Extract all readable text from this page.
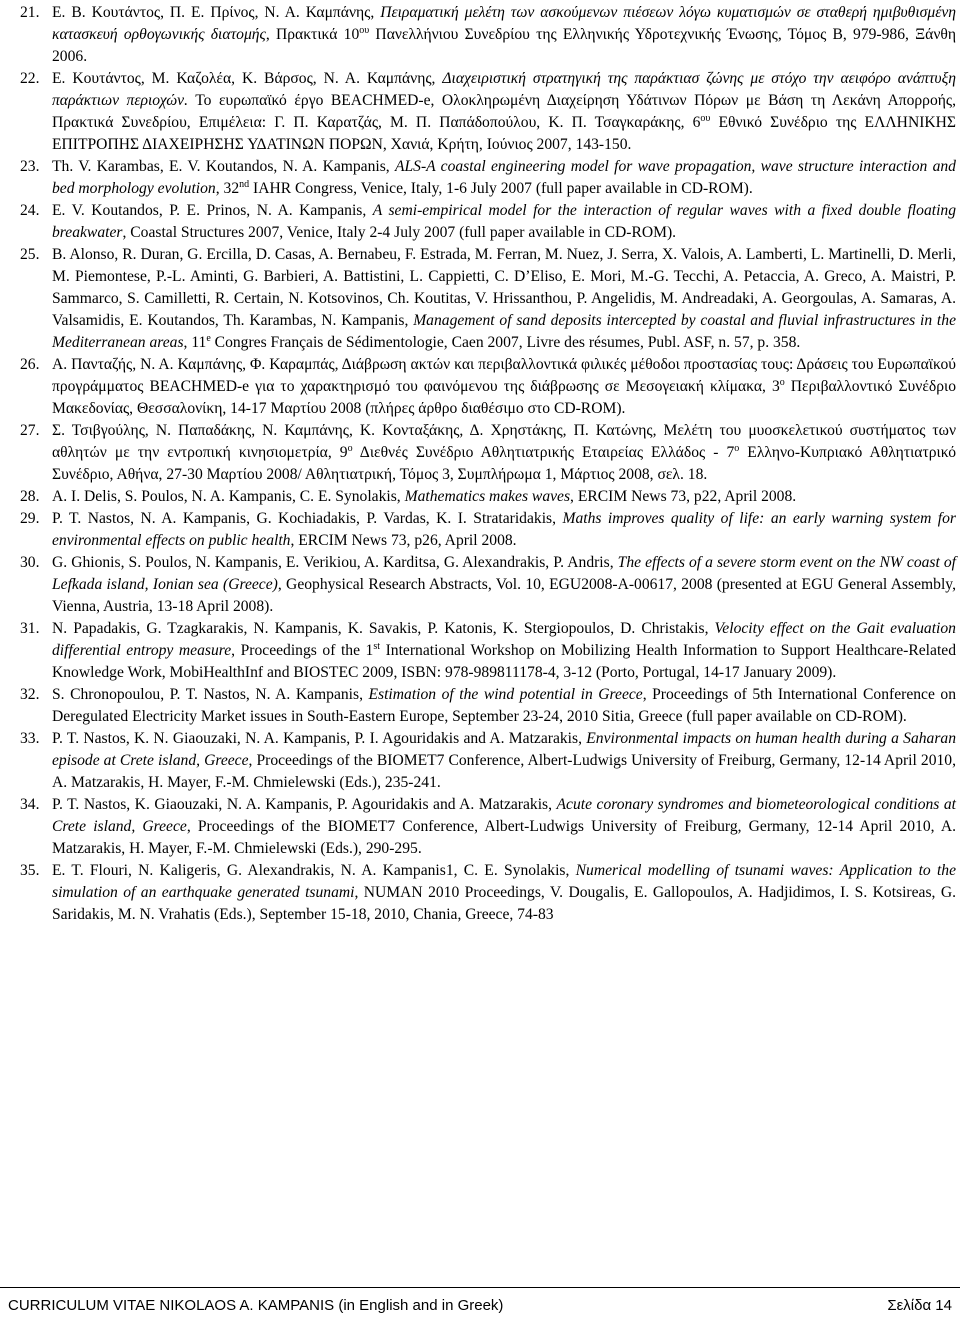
21. Ε. Β. Κουτάντος, Π. Ε. Πρίνος, Ν. Α. Καμπάνης, Πειραματική μελέτη των ασκούμενων πιέσεων λόγω κυματισμών σε σταθερή ημιβυθισμένη κατασκευή ορθογωνικής διατομής, Πρακτικά $10^{o\upsilon}$ Πανελλήνιου Συνεδρίου της Ελληνικής Υδροτεχνικής Ένωσης, Τόμος Β, 979-986, Ξάνθη 2006.
22. Ε. Κουτάντος, Μ. Καζολέα, Κ. Βάρσος, Ν. Α. Καμπάνης, Διαχειριστική στρατηγική της παράκτιασ ζώνης με στόχο την αειφόρο ανάπτυξη παράκτιων περιοχών. Το ευρωπαϊκό έργο BEACHMED-e, Ολοκληρωμένη Διαχείρηση Υδάτινων Πόρων με Βάση τη Λεκάνη Απορροής, Πρακτικά Συνεδρίου, Επιμέλεια: Γ. Π. Καρατζάς, Μ. Π. Παπάδοπούλου, Κ. Π. Τσαγκαράκης, $6^{o\upsilon}$ Εθνικό Συνέδριο της ΕΛΛΗΝΙΚΗΣ ΕΠΙΤΡΟΠΗΣ ΔΙΑΧΕΙΡΗΣΗΣ ΥΔΑΤΙΝΩΝ ΠΟΡΩΝ, Χανιά, Κρήτη, Ιούνιος 2007, 143-150.
23. Th. V. Karambas, E. V. Koutandos, N. A. Kampanis, ALS-A coastal engineering model for wave propagation, wave structure interaction and bed morphology evolution, 32nd IAHR Congress, Venice, Italy, 1-6 July 2007 (full paper available in CD-ROM).
24. E. V. Koutandos, P. E. Prinos, N. A. Kampanis, A semi-empirical model for the interaction of regular waves with a fixed double floating breakwater, Coastal Structures 2007, Venice, Italy 2-4 July 2007 (full paper available in CD-ROM).
25. B. Alonso, R. Duran, G. Ercilla, D. Casas, A. Bernabeu, F. Estrada, M. Ferran, M. Nuez, J. Serra, X. Valois, A. Lamberti, L. Martinelli, D. Merli, M. Piemontese, P.-L. Aminti, G. Barbieri, A. Battistini, L. Cappietti, C. D’Eliso, E. Mori, M.-G. Tecchi, A. Petaccia, A. Greco, A. Maistri, P. Sammarco, S. Camilletti, R. Certain, N. Kotsovinos, Ch. Koutitas, V. Hrissanthou, P. Angelidis, M. Andreadaki, A. Georgoulas, A. Samaras, A. Valsamidis, E. Koutandos, Th. Karambas, N. Kampanis, Management of sand deposits intercepted by coastal and fluvial infrastructures in the Mediterranean areas, 11e Congres Français de Sédimentologie, Caen 2007, Livre des résumes, Publ. ASF, n. 57, p. 358.
26. Α. Πανταζής, Ν. Α. Καμπάνης, Φ. Καραμπάς, Διάβρωση ακτών και περιβαλλοντικά φιλικές μέθοδοι προστασίας τους: Δράσεις του Ευρωπαϊκού προγράμματος BEACHMED-e για το χαρακτηρισμό του φαινόμενου της διάβρωσης σε Μεσογειακή κλίμακα, $3^o$ Περιβαλλοντικό Συνέδριο Μακεδονίας, Θεσσαλονίκη, 14-17 Μαρτίου 2008 (πλήρες άρθρο διαθέσιμο στο CD-ROM).
27. Σ. Τσιβγούλης, Ν. Παπαδάκης, Ν. Καμπάνης, Κ. Κονταξάκης, Δ. Χρηστάκης, Π. Κατώνης, Μελέτη του μυοσκελετικού συστήματος των αθλητών με την εντροπική κινησιομετρία, $9^o$ Διεθνές Συνέδριο Αθλητιατρικής Εταιρείας Ελλάδος - $7^o$ Ελληνο-Κυπριακό Αθλητιατρικό Συνέδριο, Αθήνα, 27-30 Μαρτίου 2008/ Αθλητιατρική, Τόμος 3, Συμπλήρωμα 1, Μάρτιος 2008, σελ. 18.
28. A. I. Delis, S. Poulos, N. A. Kampanis, C. E. Synolakis, Mathematics makes waves, ERCIM News 73, p22, April 2008.
29. P. T. Nastos, N. A. Kampanis, G. Kochiadakis, P. Vardas, K. I. Strataridakis, Maths improves quality of life: an early warning system for environmental effects on public health, ERCIM News 73, p26, April 2008.
30. G. Ghionis, S. Poulos, N. Kampanis, E. Verikiou, A. Karditsa, G. Alexandrakis, P. Andris, The effects of a severe storm event on the NW coast of Lefkada island, Ionian sea (Greece), Geophysical Research Abstracts, Vol. 10, EGU2008-A-00617, 2008 (presented at EGU General Assembly, Vienna, Austria, 13-18 April 2008).
31. N. Papadakis, G. Tzagkarakis, N. Kampanis, K. Savakis, P. Katonis, K. Stergiopoulos, D. Christakis, Velocity effect on the Gait evaluation differential entropy measure, Proceedings of the 1st International Workshop on Mobilizing Health Information to Support Healthcare-Related Knowledge Work, MobiHealthInf and BIOSTEC 2009, ISBN: 978-989811178-4, 3-12 (Porto, Portugal, 14-17 January 2009).
32. S. Chronopoulou, P. T. Nastos, N. A. Kampanis, Estimation of the wind potential in Greece, Proceedings of 5th International Conference on Deregulated Electricity Market issues in South-Eastern Europe, September 23-24, 2010 Sitia, Greece (full paper available on CD-ROM).
33. P. T. Nastos, K. N. Giaouzaki, N. A. Kampanis, P. I. Agouridakis and A. Matzarakis, Environmental impacts on human health during a Saharan episode at Crete island, Greece, Proceedings of the BIOMET7 Conference, Albert-Ludwigs University of Freiburg, Germany, 12-14 April 2010, A. Matzarakis, H. Mayer, F.-M. Chmielewski (Eds.), 235-241.
34. P. T. Nastos, K. Giaouzaki, N. A. Kampanis, P. Agouridakis and A. Matzarakis, Acute coronary syndromes and biometeorological conditions at Crete island, Greece, Proceedings of the BIOMET7 Conference, Albert-Ludwigs University of Freiburg, Germany, 12-14 April 2010, A. Matzarakis, H. Mayer, F.-M. Chmielewski (Eds.), 290-295.
35. E. T. Flouri, N. Kaligeris, G. Alexandrakis, N. A. Kampanis1, C. E. Synolakis, Numerical modelling of tsunami waves: Application to the simulation of an earthquake generated tsunami, NUMAN 2010 Proceedings, V. Dougalis, E. Gallopoulos, A. Hadjidimos, I. S. Kotsireas, G. Saridakis, M. N. Vrahatis (Eds.), September 15-18, 2010, Chania, Greece, 74-83
CURRICULUM VITAE NIKOLAOS A. KAMPANIS (in English and in Greek)	Σελίδα 14
